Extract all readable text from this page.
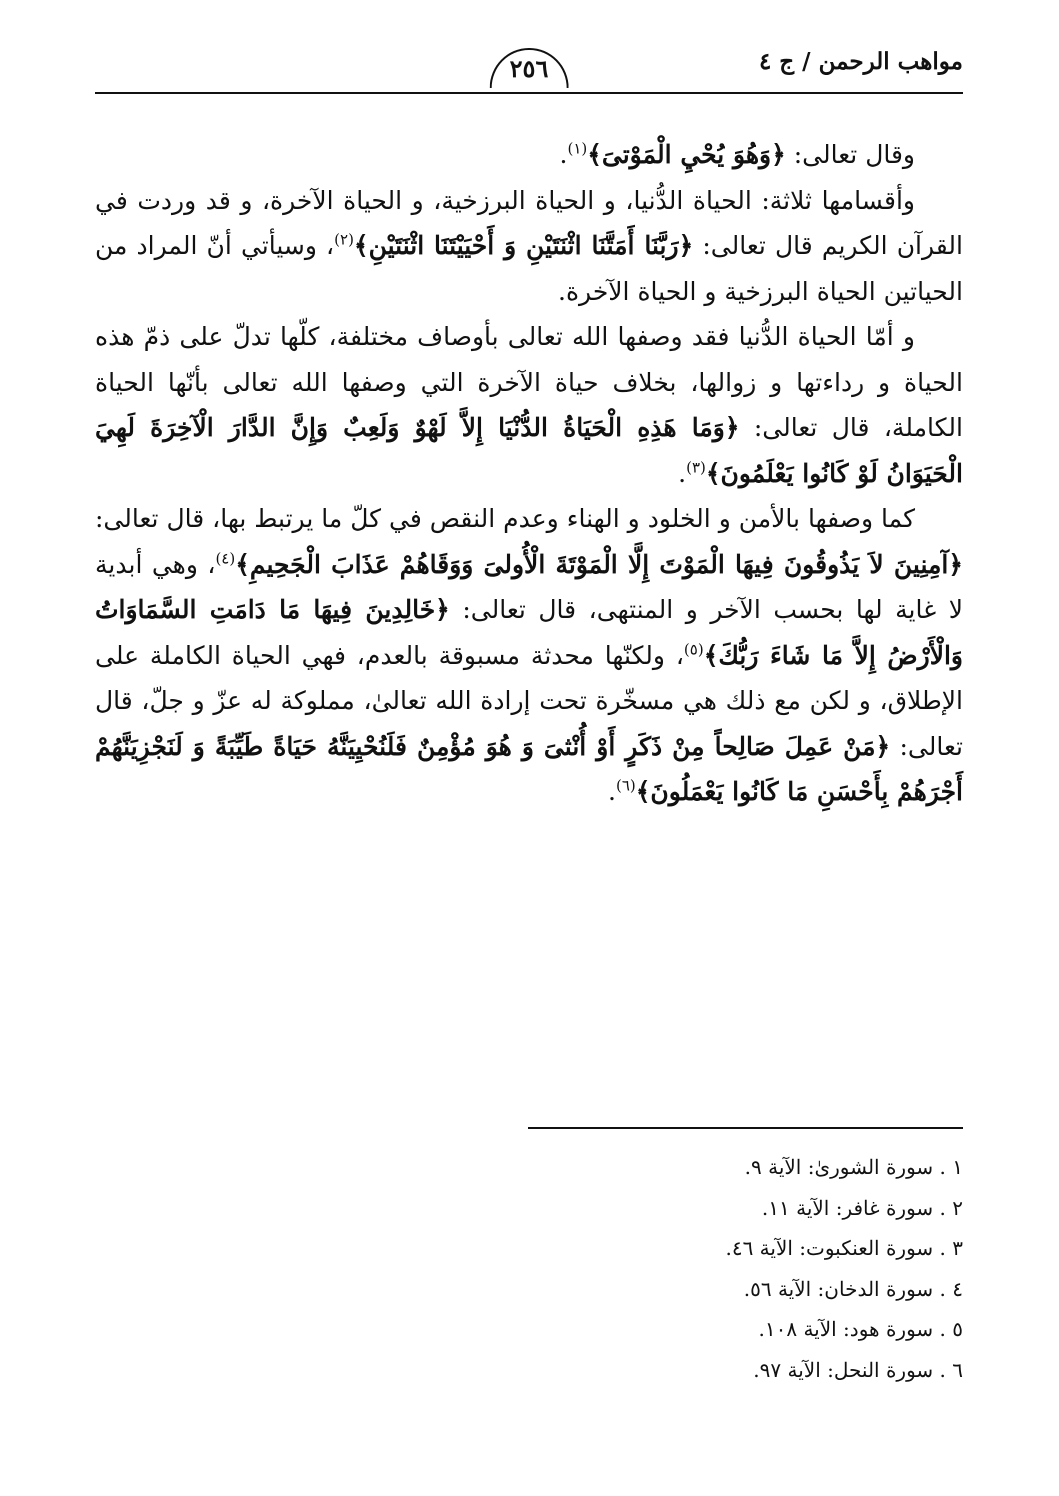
مواهب الرحمن / ج ٤
٢٥٦

وقال تعالى: ﴿وَهُوَ يُحْيِ الْمَوْتىَ﴾$^{(١)}$.

وأقسامها ثلاثة: الحياة الدُّنيا، و الحياة البرزخية، و الحياة الآخرة، و قد وردت في القرآن الكريم قال تعالى: ﴿رَبَّنَا أَمَتَّنَا اثْنَتَيْنِ وَ أَحْيَيْتَنَا اثْنَتَيْنِ﴾$^{(٢)}$، وسيأتي أنّ المراد من الحياتين الحياة البرزخية و الحياة الآخرة.

و أمّا الحياة الدُّنيا فقد وصفها الله تعالى بأوصاف مختلفة، كلّها تدلّ على ذمّ هذه الحياة و رداءتها و زوالها، بخلاف حياة الآخرة التي وصفها الله تعالى بأنّها الحياة الكاملة، قال تعالى: ﴿وَمَا هَذِهِ الْحَيَاةُ الدُّنْيَا إِلاَّ لَهْوٌ وَلَعِبٌ وَإِنَّ الدَّارَ الْآخِرَةَ لَهِيَ الْحَيَوَانُ لَوْ كَانُوا يَعْلَمُونَ﴾$^{(٣)}$.

كما وصفها بالأمن و الخلود و الهناء وعدم النقص في كلّ ما يرتبط بها، قال تعالى: ﴿آمِنِينَ لاَ يَذُوقُونَ فِيهَا الْمَوْتَ إِلَّا الْمَوْتَةَ الْأُولىَ وَوَقَاهُمْ عَذَابَ الْجَحِيمِ﴾$^{(٤)}$، وهي أبدية لا غاية لها بحسب الآخر و المنتهى، قال تعالى: ﴿خَالِدِينَ فِيهَا مَا دَامَتِ السَّمَاوَاتُ وَالْأَرْضُ إِلاَّ مَا شَاءَ رَبُّكَ﴾$^{(٥)}$، ولكنّها محدثة مسبوقة بالعدم، فهي الحياة الكاملة على الإطلاق، و لكن مع ذلك هي مسخّرة تحت إرادة الله تعالىٰ، مملوكة له عزّ و جلّ، قال تعالى: ﴿مَنْ عَمِلَ صَالِحاً مِنْ ذَكَرٍ أَوْ أُنْثىَ وَ هُوَ مُؤْمِنٌ فَلَنُحْيِيَنَّهُ حَيَاةً طَيِّبَةً وَ لَنَجْزِيَنَّهُمْ أَجْرَهُمْ بِأَحْسَنِ مَا كَانُوا يَعْمَلُونَ﴾$^{(٦)}$.

١ . سورة الشورىٰ: الآية ٩.
٢ . سورة غافر: الآية ١١.
٣ . سورة العنكبوت: الآية ٤٦.
٤ . سورة الدخان: الآية ٥٦.
٥ . سورة هود: الآية ١٠٨.
٦ . سورة النحل: الآية ٩٧.
